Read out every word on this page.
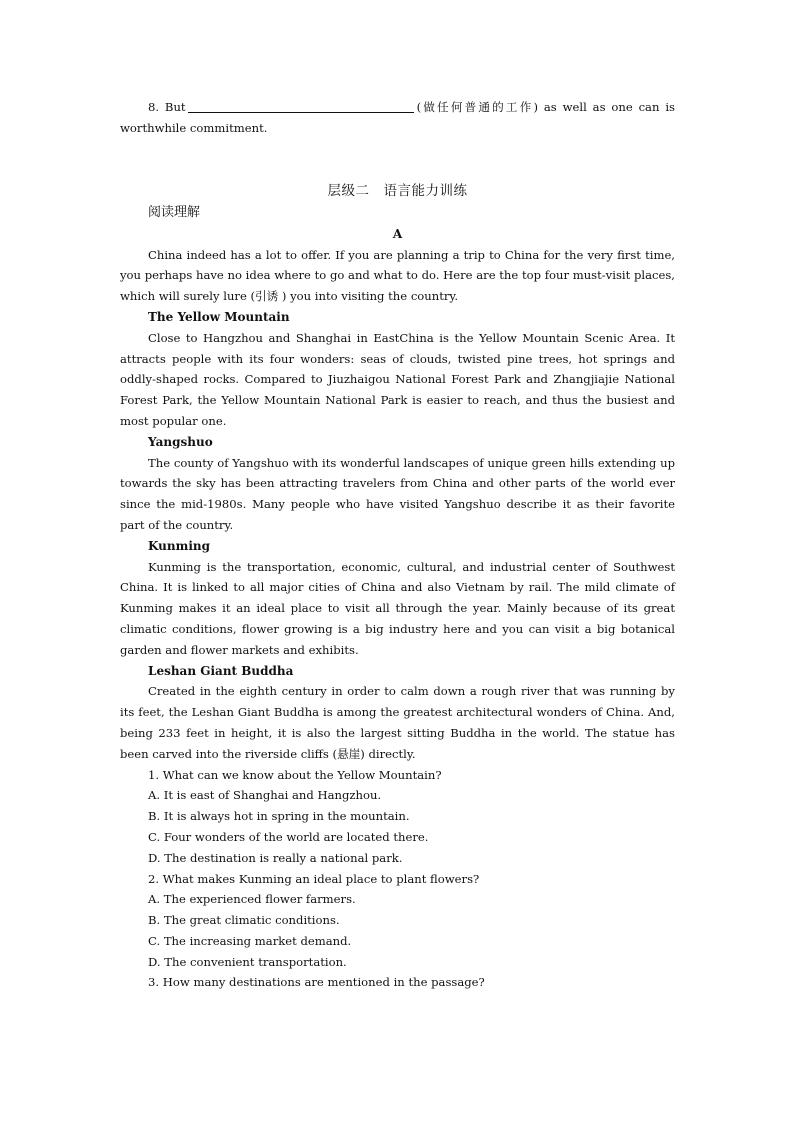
8. But	(做任何普通的工作) as well as one can is worthwhile commitment.

层级二　语言能力训练

阅读理解

A

China indeed has a lot to offer. If you are planning a trip to China for the very first time, you perhaps have no idea where to go and what to do. Here are the top four must-visit places, which will surely lure (引诱 ) you into visiting the country.

The Yellow Mountain

Close to Hangzhou and Shanghai in EastChina is the Yellow Mountain Scenic Area. It attracts people with its four wonders: seas of clouds, twisted pine trees, hot springs and oddly-shaped rocks. Compared to Jiuzhaigou National Forest Park and Zhangjiajie National Forest Park, the Yellow Mountain National Park is easier to reach, and thus the busiest and most popular one.

Yangshuo

The county of Yangshuo with its wonderful landscapes of unique green hills extending up towards the sky has been attracting travelers from China and other parts of the world ever since the mid-1980s. Many people who have visited Yangshuo describe it as their favorite part of the country.

Kunming

Kunming is the transportation, economic, cultural, and industrial center of Southwest China. It is linked to all major cities of China and also Vietnam by rail. The mild climate of Kunming makes it an ideal place to visit all through the year. Mainly because of its great climatic conditions, flower growing is a big industry here and you can visit a big botanical garden and flower markets and exhibits.

Leshan Giant Buddha

Created in the eighth century in order to calm down a rough river that was running by its feet, the Leshan Giant Buddha is among the greatest architectural wonders of China. And, being 233 feet in height, it is also the largest sitting Buddha in the world. The statue has been carved into the riverside cliffs (悬崖) directly.

1. What can we know about the Yellow Mountain?

A. It is east of Shanghai and Hangzhou.

B. It is always hot in spring in the mountain.

C. Four wonders of the world are located there.

D. The destination is really a national park.

2. What makes Kunming an ideal place to plant flowers?

A. The experienced flower farmers.

B. The great climatic conditions.

C. The increasing market demand.

D. The convenient transportation.

3. How many destinations are mentioned in the passage?
